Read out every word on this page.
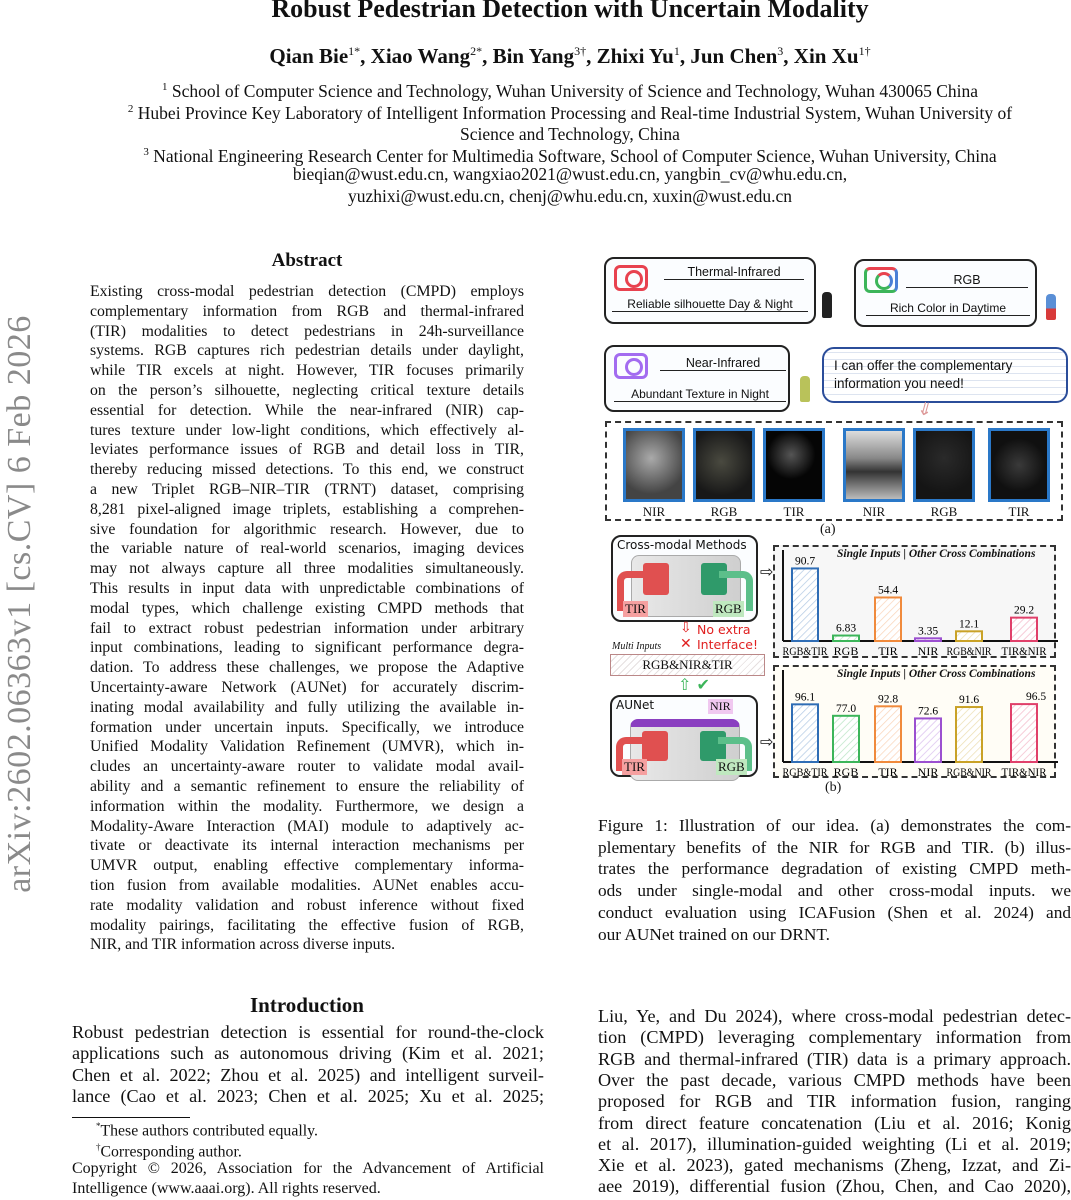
arXiv:2602.06363v1 [cs.CV] 6 Feb 2026
Robust Pedestrian Detection with Uncertain Modality
Qian Bie$^{1*}$, Xiao Wang$^{2*}$, Bin Yang$^{3\dagger}$, Zhixi Yu$^1$, Jun Chen$^3$, Xin $Xu^{1\dagger}$
$^1$ School of Computer Science and Technology, Wuhan University of Science and Technology, Wuhan 430065 China
$^2$ Hubei Province Key Laboratory of Intelligent Information Processing and Real-time Industrial System, Wuhan University of
Science and Technology, China
$^3$ National Engineering Research Center for Multimedia Software, School of Computer Science, Wuhan University, China
bieqian@wust.edu.cn, wangxiao2021@wust.edu.cn, yangbin_cv@whu.edu.cn,
yuzhixi@wust.edu.cn, chenj@whu.edu.cn, xuxin@wust.edu.cn
Abstract
Existing cross-modal pedestrian detection (CMPD) employs
complementary information from RGB and thermal-infrared
(TIR) modalities to detect pedestrians in 24h-surveillance
systems. RGB captures rich pedestrian details under daylight,
while TIR excels at night. However, TIR focuses primarily
on the person’s silhouette, neglecting critical texture details
essential for detection. While the near-infrared (NIR) cap-
tures texture under low-light conditions, which effectively al-
leviates performance issues of RGB and detail loss in TIR,
thereby reducing missed detections. To this end, we construct
a new Triplet RGB–NIR–TIR (TRNT) dataset, comprising
8,281 pixel-aligned image triplets, establishing a comprehen-
sive foundation for algorithmic research. However, due to
the variable nature of real-world scenarios, imaging devices
may not always capture all three modalities simultaneously.
This results in input data with unpredictable combinations of
modal types, which challenge existing CMPD methods that
fail to extract robust pedestrian information under arbitrary
input combinations, leading to significant performance degra-
dation. To address these challenges, we propose the Adaptive
Uncertainty-aware Network (AUNet) for accurately discrim-
inating modal availability and fully utilizing the available in-
formation under uncertain inputs. Specifically, we introduce
Unified Modality Validation Refinement (UMVR), which in-
cludes an uncertainty-aware router to validate modal avail-
ability and a semantic refinement to ensure the reliability of
information within the modality. Furthermore, we design a
Modality-Aware Interaction (MAI) module to adaptively ac-
tivate or deactivate its internal interaction mechanisms per
UMVR output, enabling effective complementary informa-
tion fusion from available modalities. AUNet enables accu-
rate modality validation and robust inference without fixed
modality pairings, facilitating the effective fusion of RGB,
NIR, and TIR information across diverse inputs.
Introduction
Robust pedestrian detection is essential for round-the-clock
applications such as autonomous driving (Kim et al. 2021;
Chen et al. 2022; Zhou et al. 2025) and intelligent surveil-
lance (Cao et al. 2023; Chen et al. 2025; Xu et al. 2025;
Liu, Ye, and Du 2024), where cross-modal pedestrian detec-
tion (CMPD) leveraging complementary information from
RGB and thermal-infrared (TIR) data is a primary approach.
Over the past decade, various CMPD methods have been
proposed for RGB and TIR information fusion, ranging
from direct feature concatenation (Liu et al. 2016; Konig
et al. 2017), illumination-guided weighting (Li et al. 2019;
Xie et al. 2023), gated mechanisms (Zheng, Izzat, and Zi-
aee 2019), differential fusion (Zhou, Chen, and Cao 2020),
*These authors contributed equally.
†Corresponding author.
Copyright © 2026, Association for the Advancement of Artificial
Intelligence (www.aaai.org). All rights reserved.
Thermal-Infrared
Reliable silhouette Day & Night
RGB
Rich Color in Daytime
Near-Infrared
Abundant Texture in Night
I can offer the complementary information you need!
⇙
NIR	RGB	TIR	NIR	RGB	TIR
(a)
Cross-modal Methods
TIR	RGB
⇩
✕
No extra
Interface!
Multi Inputs
RGB&NIR&TIR
⇧ ✔
AUNet	NIR
TIR	RGB
⇨
⇨
Single Inputs | Other Cross Combinations
Single Inputs | Other Cross Combinations
90.7
RGB&TIR
6.83
RGB
54.4
TIR
3.35
NIR
12.1
RGB&NIR
29.2
TIR&NIR
96.1
RGB&TIR
77.0
RGB
92.8
TIR
72.6
NIR
91.6
RGB&NIR
96.5
TIR&NIR
(b)
Figure 1: Illustration of our idea. (a) demonstrates the com-
plementary benefits of the NIR for RGB and TIR. (b) illus-
trates the performance degradation of existing CMPD meth-
ods under single-modal and other cross-modal inputs. we
conduct evaluation using ICAFusion (Shen et al. 2024) and
our AUNet trained on our DRNT.
